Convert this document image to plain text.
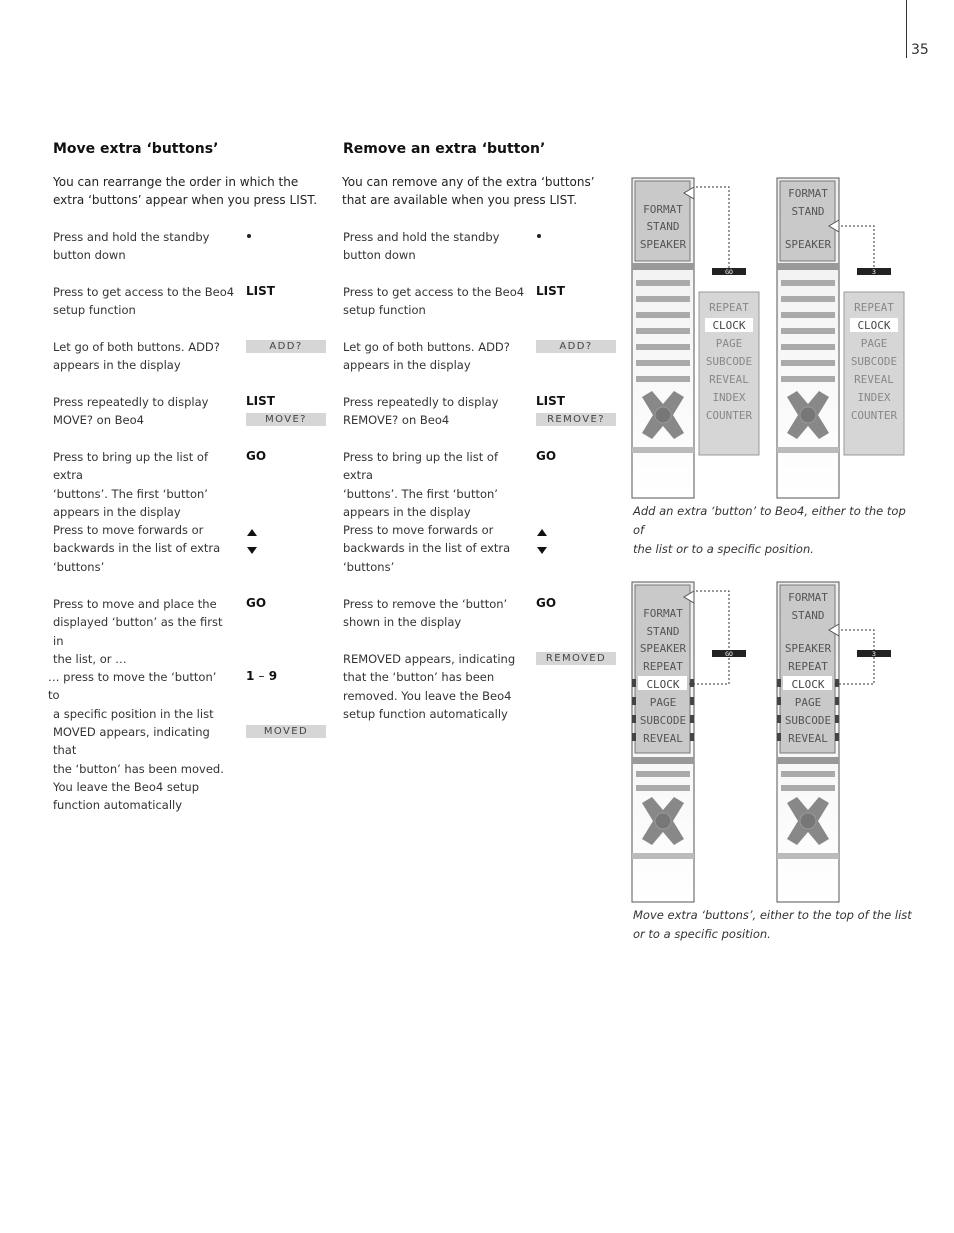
35
Move extra ‘buttons’
You can rearrange the order in which the
extra ‘buttons’ appear when you press LIST.
Press and hold the standby
button down
Press to get access to the Beo4
setup function
LIST
Let go of both buttons. ADD?
appears in the display
ADD?
Press repeatedly to display
MOVE? on Beo4
LIST
MOVE?
Press to bring up the list of extra
‘buttons’. The first ‘button’
appears in the display
GO
Press to move forwards or
backwards in the list of extra
‘buttons’
Press to move and place the
displayed ‘button’ as the first in
the list, or …
GO
… press to move the ‘button’ to
a specific position in the list
1 – 9
MOVED appears, indicating that
the ‘button’ has been moved.
You leave the Beo4 setup
function automatically
MOVED
Remove an extra ‘button’
You can remove any of the extra ‘buttons’
that are available when you press LIST.
Press and hold the standby
button down
Press to get access to the Beo4
setup function
LIST
Let go of both buttons. ADD?
appears in the display
ADD?
Press repeatedly to display
REMOVE? on Beo4
LIST
REMOVE?
Press to bring up the list of extra
‘buttons’. The first ‘button’
appears in the display
GO
Press to move forwards or
backwards in the list of extra
‘buttons’
Press to remove the ‘button’
shown in the display
GO
REMOVED appears, indicating
that the ‘button’ has been
removed. You leave the Beo4
setup function automatically
REMOVED
FORMAT
STAND
SPEAKER
GO
REPEAT
CLOCK
PAGE
SUBCODE
REVEAL
INDEX
COUNTER
FORMAT
STAND
SPEAKER
3
REPEAT
CLOCK
PAGE
SUBCODE
REVEAL
INDEX
COUNTER
Add an extra ‘button’ to Beo4, either to the top of
the list or to a specific position.
FORMAT
STAND
SPEAKER
REPEAT
CLOCK
PAGE
SUBCODE
REVEAL
GO
FORMAT
STAND
SPEAKER
REPEAT
CLOCK
PAGE
SUBCODE
REVEAL
3
Move extra ‘buttons’, either to the top of the list
or to a specific position.
